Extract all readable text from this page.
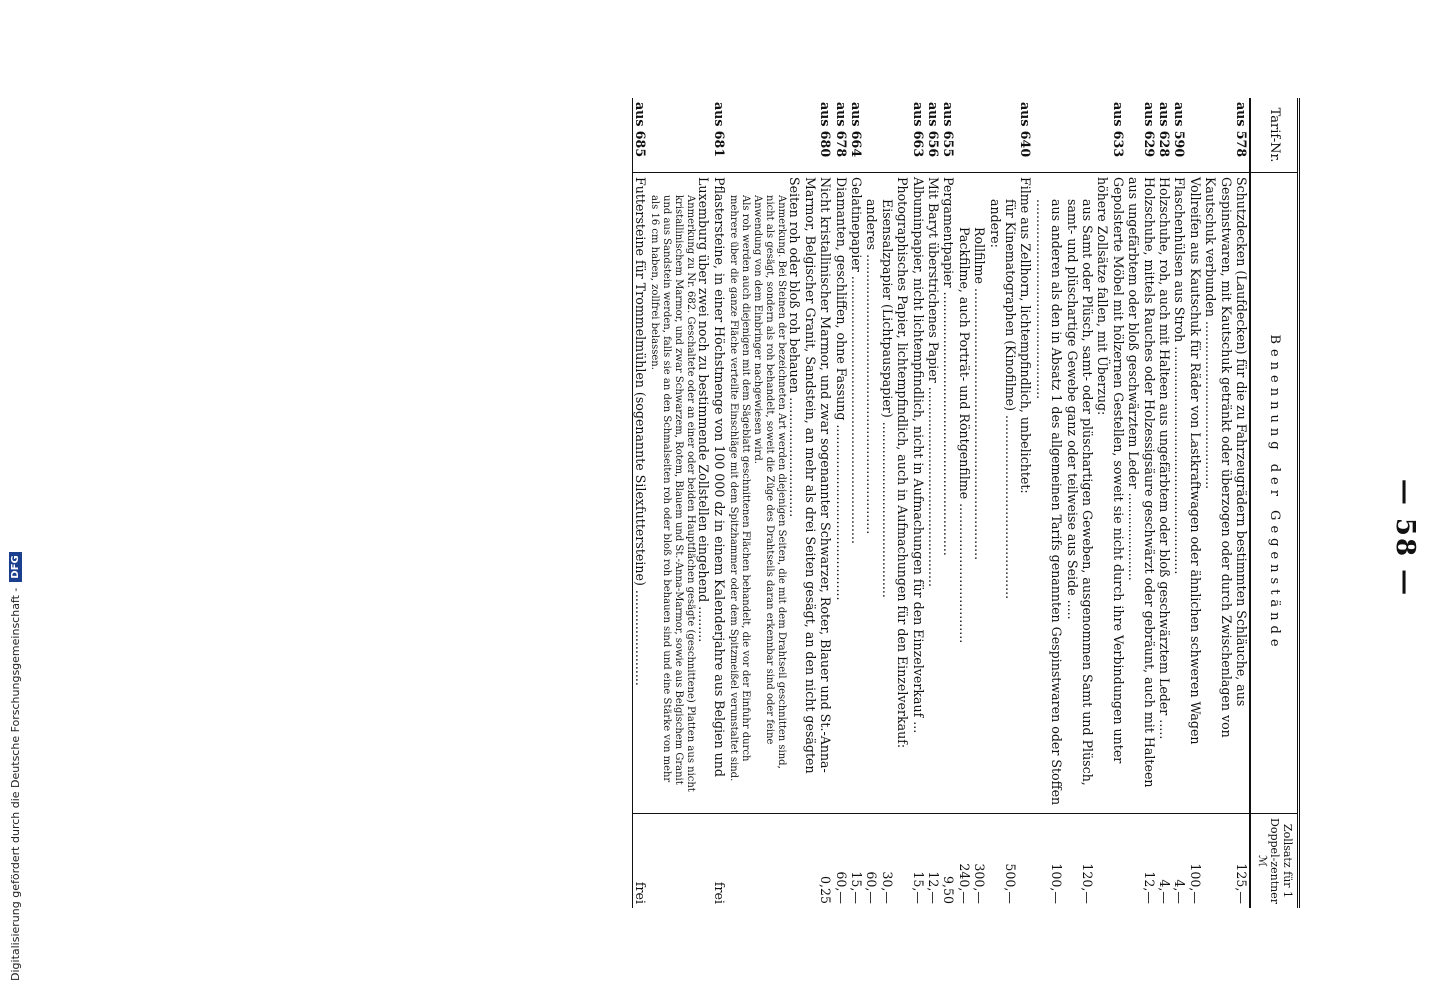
Digitalisierung gefördert durch die Deutsche Forschungsgemeinschaft -
DFG	— 58 —
Tarif-Nr.	Benennung der Gegenstände	Zollsatz für 1 Doppel-zentner ℳ
aus 578	Schutzdecken (Laufdecken) für die zu Fahrzeugrädern bestimmten Schläuche, aus Gespinstwaren, mit Kautschuk getränkt oder überzogen oder durch Zwischenlagen von Kautschuk verbunden ..........................................	125,—
	Vollreifen aus Kautschuk für Räder von Lastkraftwagen oder ähnlichen schweren Wagen	100,—
aus 590	Flaschenhülsen aus Stroh .........................................................	4,—
aus 628	Holzschuhe, roh, auch mit Halteen aus ungefärbtem oder bloß geschwärztem Leder .....	4,—
aus 629	Holzschuhe, mittels Rauches oder Holzessigsäure geschwärzt oder gebräunt, auch mit Halteen aus ungefärbtem oder bloß geschwärztem Leder ......................	12,—
aus 633	Gepolsterte Möbel mit hölzernen Gestellen, soweit sie nicht durch ihre Verbindungen unter höhere Zollsätze fallen, mit Überzug:	
	aus Samt oder Plüsch, samt- oder plüschartigen Geweben, ausgenommen Samt und Plüsch, samt- und plüschartige Gewebe ganz oder teilweise aus Seide .....	120,—
	aus anderen als den in Absatz 1 des allgemeinen Tarifs genannten Gespinstwaren oder Stoffen ..................................................	100,—
aus 640	Filme aus Zellhorn, lichtempfindlich, unbelichtet:	
	für Kinematographen (Kinofilme) ..............................................	500,—
	andere:	
	Rollfilme ....................................................................	300,—
	Packfilme, auch Porträt- und Röntgenfilme ...................................	240,—
aus 655	Pergamentpapier ..................................................................	9,50
aus 656	Mit Baryt überstrichenes Papier ..................................................	12,—
aus 663	Albuminpapier, nicht lichtempfindlich, nicht in Aufmachungen für den Einzelverkauf ...	15,—
	Photographisches Papier, lichtempfindlich, auch in Aufmachungen für den Einzelverkauf:	
	Eisensalzpapier (Lichtpauspapier) ............................................	30,—
	anderes ......................................................................	60,—
aus 664	Gelatinepapier ...................................................................	15,—
aus 678	Diamanten, geschliffen, ohne Fassung ............................................	60,—
aus 680	Nicht kristallinischer Marmor, und zwar sogenannter Schwarzer, Roter, Blauer und St.-Anna-Marmor, Belgischer Granit, Sandstein, an mehr als drei Seiten gesägt, an den nicht gesägten Seiten roh oder bloß roh behauen ..............................	0,25
	Anmerkung. Bei Steinen der bezeichneten Art werden diejenigen Seiten, die mit dem Drahtseil geschnitten sind, nicht als gesägt, sondern als roh behandelt, soweit die Züge des Drahtseils daran erkennbar sind oder feine Anwendung von dem Einbringer nachgewiesen wird.	
	Als roh werden auch diejenigen mit dem Sägeblatt geschnittenen Flächen behandelt, die vor der Einfuhr durch mehrere über die ganze Fläche verteilte Einschläge mit dem Spitzhammer oder dem Spitzmeißel verunstaltet sind.	
aus 681	Pflastersteine, in einer Höchstmenge von 100 000 dz in einem Kalenderjahre aus Belgien und Luxemburg über zwei noch zu bestimmende Zollstellen eingehend .........	frei
	Anmerkung zu Nr. 682. Geschaltete oder an einer oder beiden Hauptflächen gesägte (geschnittene) Platten aus nicht kristallinischem Marmor, und zwar Schwarzem, Rotem, Blauem und St.-Anna-Marmor, sowie aus Belgischem Granit und aus Sandstein werden, falls sie an den Schmalseiten roh oder bloß roh behauen sind und eine Stärke von mehr als 16 cm haben, zollfrei belassen.	
aus 685	Futtersteine für Trommelmühlen (sogenannte Silexfuttersteine) ........................	frei
